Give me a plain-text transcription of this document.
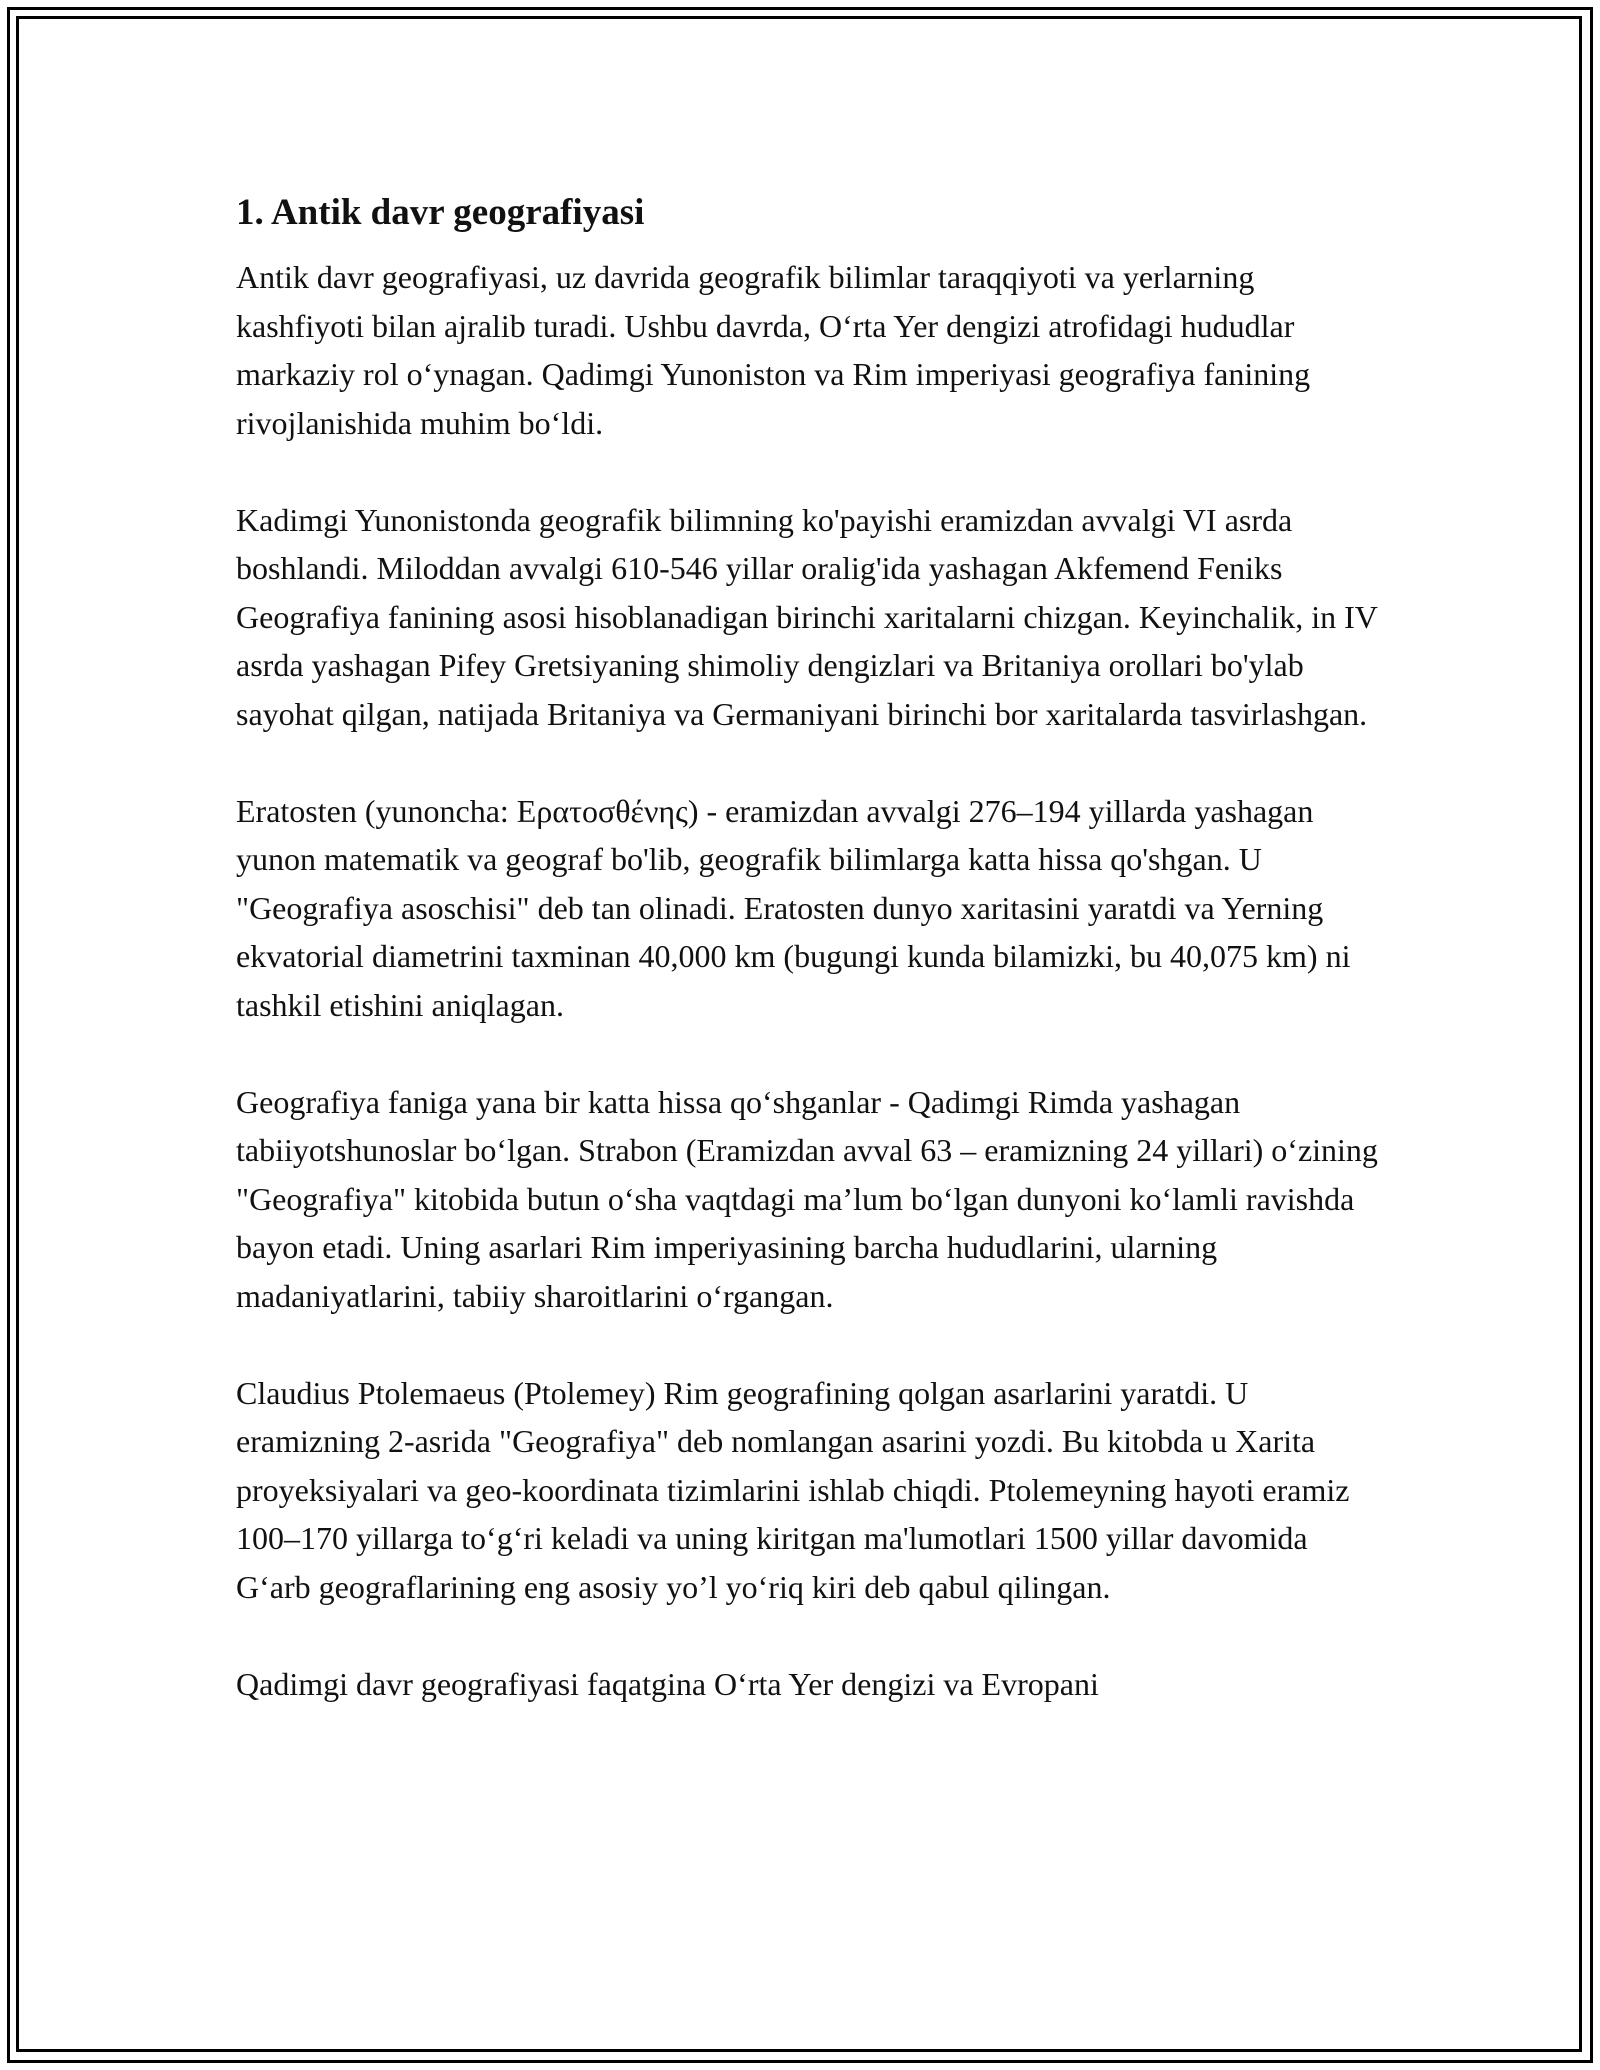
1. Antik davr geografiyasi

Antik davr geografiyasi, uz davrida geografik bilimlar taraqqiyoti va yerlarning kashfiyoti bilan ajralib turadi. Ushbu davrda, Oʻrta Yer dengizi atrofidagi hududlar markaziy rol oʻynagan. Qadimgi Yunoniston va Rim imperiyasi geografiya fanining rivojlanishida muhim boʻldi.

Kadimgi Yunonistonda geografik bilimning ko'payishi eramizdan avvalgi VI asrda boshlandi. Miloddan avvalgi 610-546 yillar oralig'ida yashagan Akfemend Feniks Geografiya fanining asosi hisoblanadigan birinchi xaritalarni chizgan. Keyinchalik, in IV asrda yashagan Pifey Gretsiyaning shimoliy dengizlari va Britaniya orollari bo'ylab sayohat qilgan, natijada Britaniya va Germaniyani birinchi bor xaritalarda tasvirlashgan.

Eratosten (yunoncha: Ερατοσθένης) - eramizdan avvalgi 276–194 yillarda yashagan yunon matematik va geograf bo'lib, geografik bilimlarga katta hissa qo'shgan. U "Geografiya asoschisi" deb tan olinadi. Eratosten dunyo xaritasini yaratdi va Yerning ekvatorial diametrini taxminan 40,000 km (bugungi kunda bilamizki, bu 40,075 km) ni tashkil etishini aniqlagan.

Geografiya faniga yana bir katta hissa qoʻshganlar - Qadimgi Rimda yashagan tabiiyotshunoslar boʻlgan. Strabon (Eramizdan avval 63 – eramizning 24 yillari) oʻzining "Geografiya" kitobida butun oʻsha vaqtdagi maʼlum boʻlgan dunyoni koʻlamli ravishda bayon etadi. Uning asarlari Rim imperiyasining barcha hududlarini, ularning madaniyatlarini, tabiiy sharoitlarini oʻrgangan.

Claudius Ptolemaeus (Ptolemey) Rim geografining qolgan asarlarini yaratdi. U eramizning 2-asrida "Geografiya" deb nomlangan asarini yozdi. Bu kitobda u Xarita proyeksiyalari va geo-koordinata tizimlarini ishlab chiqdi. Ptolemeyning hayoti eramiz 100–170 yillarga toʻgʻri keladi va uning kiritgan ma'lumotlari 1500 yillar davomida Gʻarb geograflarining eng asosiy yoʼl yoʻriq kiri deb qabul qilingan.

Qadimgi davr geografiyasi faqatgina Oʻrta Yer dengizi va Evropani
